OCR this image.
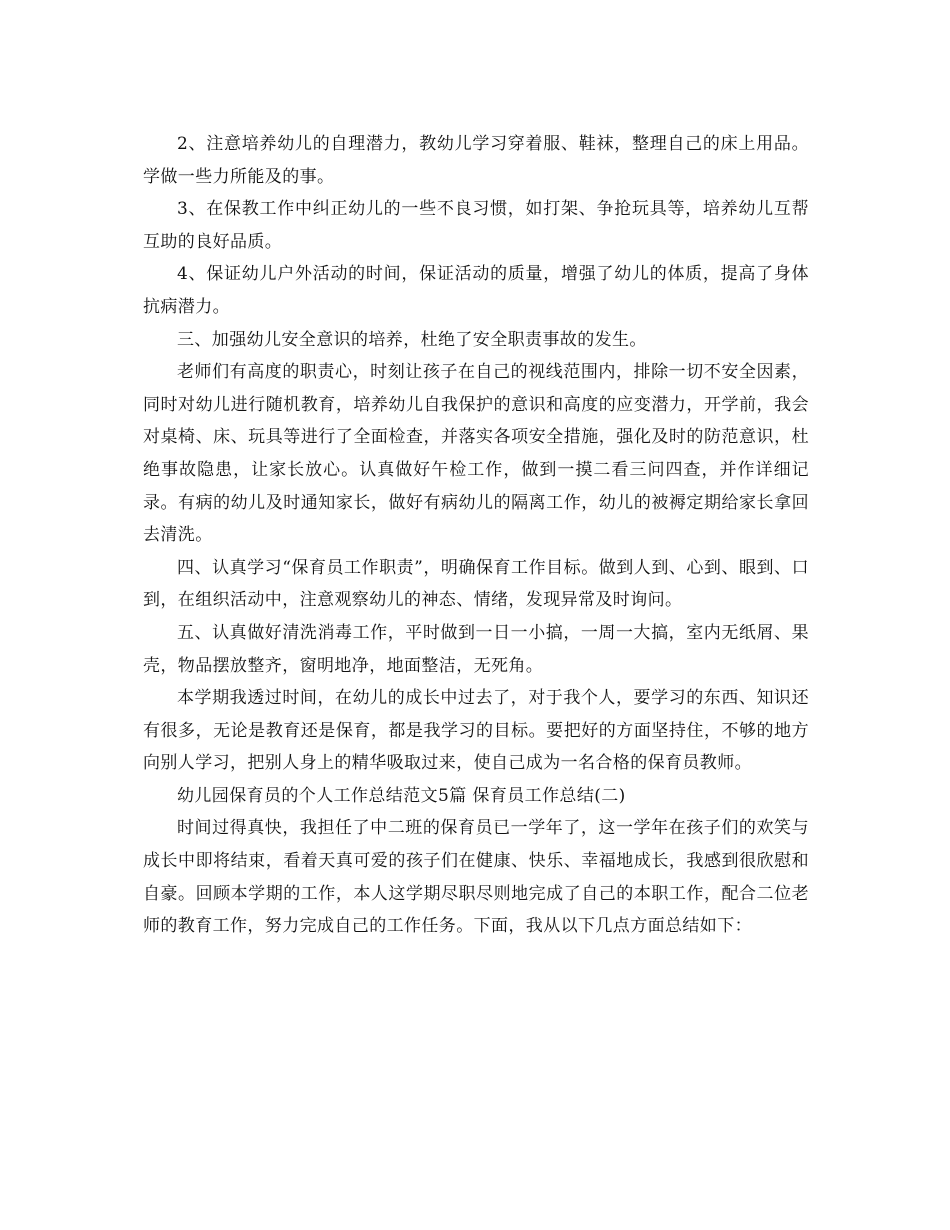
2、注意培养幼儿的自理潜力，教幼儿学习穿着服、鞋袜，整理自己的床上用品。学做一些力所能及的事。

3、在保教工作中纠正幼儿的一些不良习惯，如打架、争抢玩具等，培养幼儿互帮互助的良好品质。

4、保证幼儿户外活动的时间，保证活动的质量，增强了幼儿的体质，提高了身体抗病潜力。

三、加强幼儿安全意识的培养，杜绝了安全职责事故的发生。

老师们有高度的职责心，时刻让孩子在自己的视线范围内，排除一切不安全因素，同时对幼儿进行随机教育，培养幼儿自我保护的意识和高度的应变潜力，开学前，我会对桌椅、床、玩具等进行了全面检查，并落实各项安全措施，强化及时的防范意识，杜绝事故隐患，让家长放心。认真做好午检工作，做到一摸二看三问四查，并作详细记录。有病的幼儿及时通知家长，做好有病幼儿的隔离工作，幼儿的被褥定期给家长拿回去清洗。

四、认真学习“保育员工作职责”，明确保育工作目标。做到人到、心到、眼到、口到，在组织活动中，注意观察幼儿的神态、情绪，发现异常及时询问。

五、认真做好清洗消毒工作，平时做到一日一小搞，一周一大搞，室内无纸屑、果壳，物品摆放整齐，窗明地净，地面整洁，无死角。

本学期我透过时间，在幼儿的成长中过去了，对于我个人，要学习的东西、知识还有很多，无论是教育还是保育，都是我学习的目标。要把好的方面坚持住，不够的地方向别人学习，把别人身上的精华吸取过来，使自己成为一名合格的保育员教师。

幼儿园保育员的个人工作总结范文5篇 保育员工作总结(二)

时间过得真快，我担任了中二班的保育员已一学年了，这一学年在孩子们的欢笑与成长中即将结束，看着天真可爱的孩子们在健康、快乐、幸福地成长，我感到很欣慰和自豪。回顾本学期的工作，本人这学期尽职尽则地完成了自己的本职工作，配合二位老师的教育工作，努力完成自己的工作任务。下面，我从以下几点方面总结如下：
